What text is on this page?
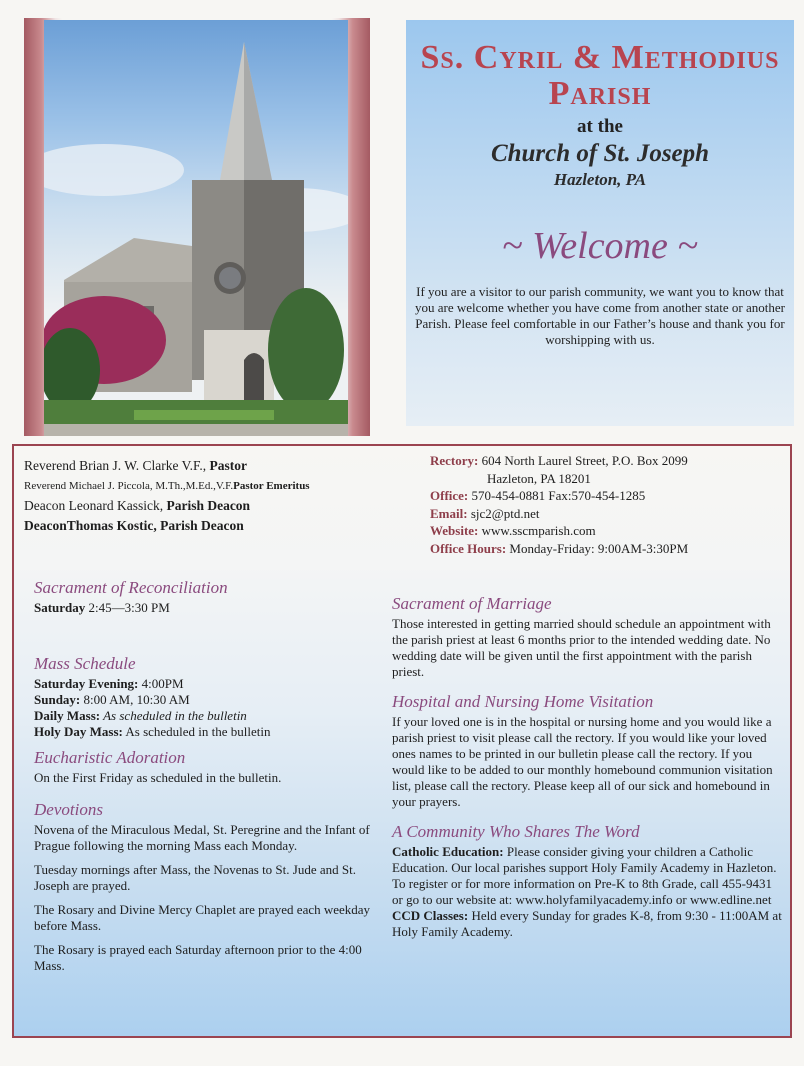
Ss. Cyril & Methodius Parish
at the
Church of St. Joseph
Hazleton, PA
~ Welcome ~
If you are a visitor to our parish community, we want you to know that you are welcome whether you have come from another state or another Parish. Please feel comfortable in our Father’s house and thank you for worshipping with us.
Reverend Brian J. W. Clarke V.F., Pastor
Reverend Michael J. Piccola, M.Th.,M.Ed.,V.F.Pastor Emeritus
Deacon Leonard Kassick, Parish Deacon
DeaconThomas Kostic, Parish Deacon
Rectory: 604 North Laurel Street, P.O. Box 2099
Hazleton, PA 18201
Office: 570-454-0881 Fax:570-454-1285
Email: sjc2@ptd.net
Website: www.sscmparish.com
Office Hours: Monday-Friday: 9:00AM-3:30PM
Sacrament of Reconciliation

Saturday 2:45—3:30 PM

Mass Schedule

Saturday Evening: 4:00PM

Sunday: 8:00 AM, 10:30 AM

Daily Mass: As scheduled in the bulletin

Holy Day Mass: As scheduled in the bulletin

Eucharistic Adoration

On the First Friday as scheduled in the bulletin.

Devotions

Novena of the Miraculous Medal, St. Peregrine and the Infant of Prague following the morning Mass each Monday.

Tuesday mornings after Mass, the Novenas to St. Jude and St. Joseph are prayed.

The Rosary and Divine Mercy Chaplet are prayed each weekday before Mass.

The Rosary is prayed each Saturday afternoon prior to the 4:00 Mass.

Sacrament of Marriage

Those interested in getting married should schedule an appointment with the parish priest at least 6 months prior to the intended wedding date. No wedding date will be given until the first appointment with the parish priest.

Hospital and Nursing Home Visitation

If your loved one is in the hospital or nursing home and you would like a parish priest to visit please call the rectory. If you would like your loved ones names to be printed in our bulletin please call the rectory. If you would like to be added to our monthly homebound communion visitation list, please call the rectory. Please keep all of our sick and homebound in your prayers.

A Community Who Shares The Word

Catholic Education: Please consider giving your children a Catholic Education. Our local parishes support Holy Family Academy in Hazleton. To register or for more information on Pre-K to 8th Grade, call 455-9431 or go to our website at: www.holyfamilyacademy.info or www.edline.net

CCD Classes: Held every Sunday for grades K-8, from 9:30 - 11:00AM at Holy Family Academy.
